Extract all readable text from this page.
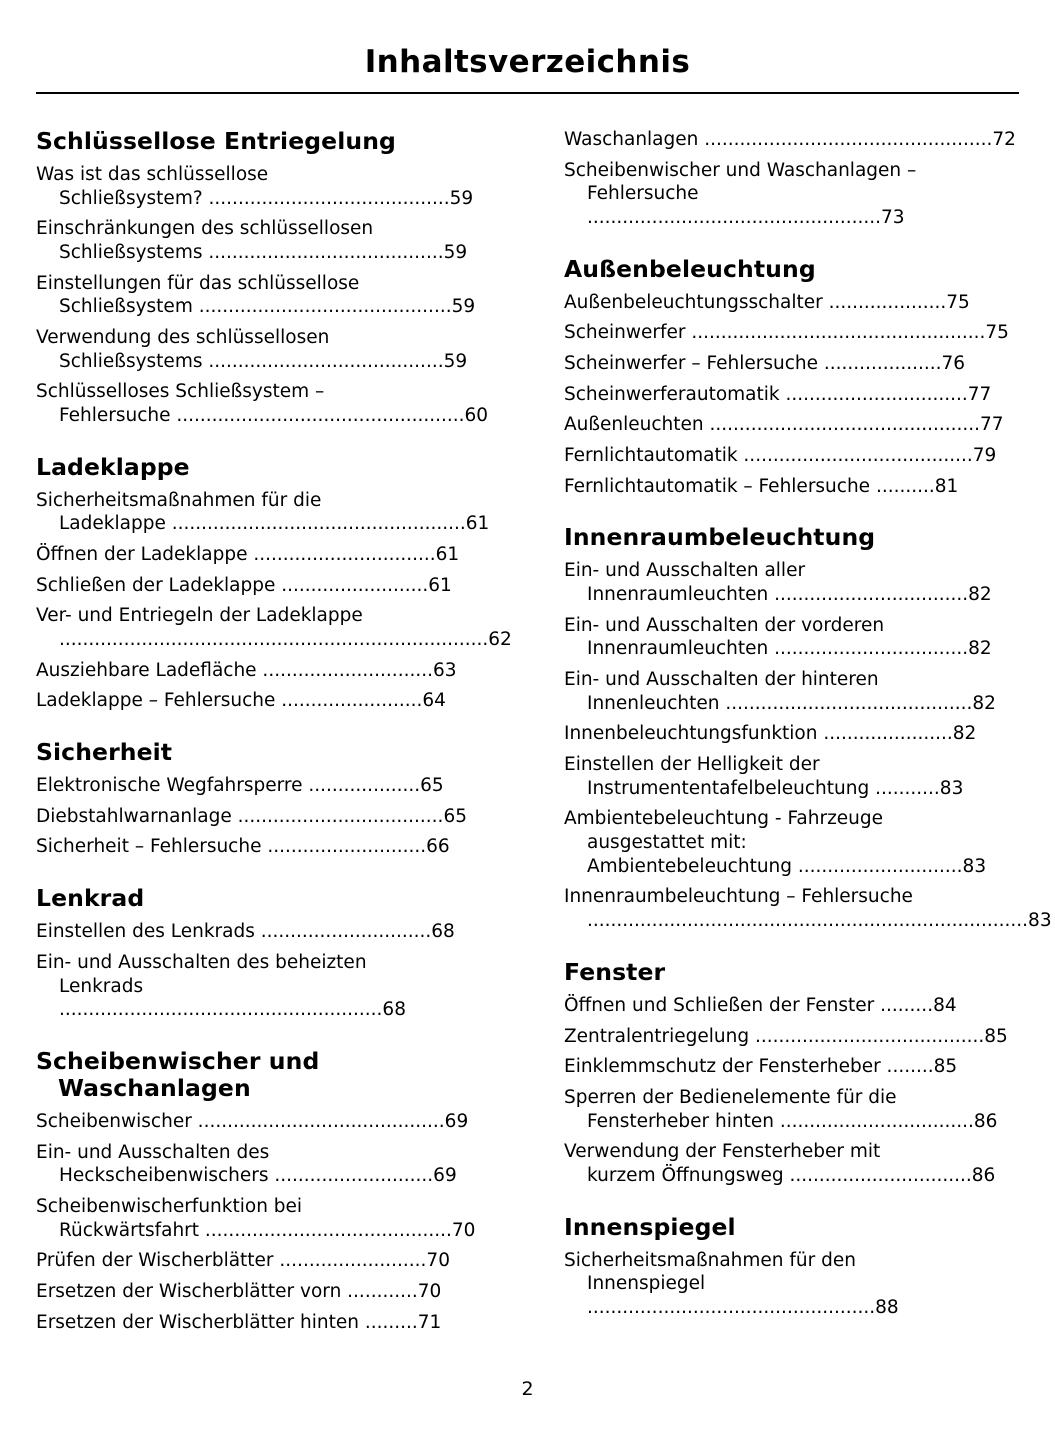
Inhaltsverzeichnis
Schlüssellose Entriegelung
Was ist das schlüssellose
Schließsystem? .........................................59
Einschränkungen des schlüssellosen
Schließsystems ........................................59
Einstellungen für das schlüssellose
Schließsystem ...........................................59
Verwendung des schlüssellosen
Schließsystems ........................................59
Schlüsselloses Schließsystem –
Fehlersuche .................................................60
Ladeklappe
Sicherheitsmaßnahmen für die
Ladeklappe ..................................................61
Öffnen der Ladeklappe ...............................61
Schließen der Ladeklappe .........................61
Ver- und Entriegeln der Ladeklappe
.........................................................................62
Ausziehbare Ladefläche .............................63
Ladeklappe – Fehlersuche ........................64
Sicherheit
Elektronische Wegfahrsperre ...................65
Diebstahlwarnanlage ...................................65
Sicherheit – Fehlersuche ...........................66
Lenkrad
Einstellen des Lenkrads .............................68
Ein- und Ausschalten des beheizten
Lenkrads .......................................................68
Scheibenwischer und
Waschanlagen
Scheibenwischer ..........................................69
Ein- und Ausschalten des
Heckscheibenwischers ...........................69
Scheibenwischerfunktion bei
Rückwärtsfahrt ..........................................70
Prüfen der Wischerblätter .........................70
Ersetzen der Wischerblätter vorn ............70
Ersetzen der Wischerblätter hinten .........71
Waschanlagen .................................................72
Scheibenwischer und Waschanlagen –
Fehlersuche ..................................................73
Außenbeleuchtung
Außenbeleuchtungsschalter ....................75
Scheinwerfer ..................................................75
Scheinwerfer – Fehlersuche ....................76
Scheinwerferautomatik ...............................77
Außenleuchten ..............................................77
Fernlichtautomatik .......................................79
Fernlichtautomatik – Fehlersuche ..........81
Innenraumbeleuchtung
Ein- und Ausschalten aller
Innenraumleuchten .................................82
Ein- und Ausschalten der vorderen
Innenraumleuchten .................................82
Ein- und Ausschalten der hinteren
Innenleuchten ..........................................82
Innenbeleuchtungsfunktion ......................82
Einstellen der Helligkeit der
Instrumententafelbeleuchtung ...........83
Ambientebeleuchtung - Fahrzeuge
ausgestattet mit:
Ambientebeleuchtung ............................83
Innenraumbeleuchtung – Fehlersuche
...........................................................................83
Fenster
Öffnen und Schließen der Fenster .........84
Zentralentriegelung .......................................85
Einklemmschutz der Fensterheber ........85
Sperren der Bedienelemente für die
Fensterheber hinten .................................86
Verwendung der Fensterheber mit
kurzem Öffnungsweg ...............................86
Innenspiegel
Sicherheitsmaßnahmen für den
Innenspiegel .................................................88
2
